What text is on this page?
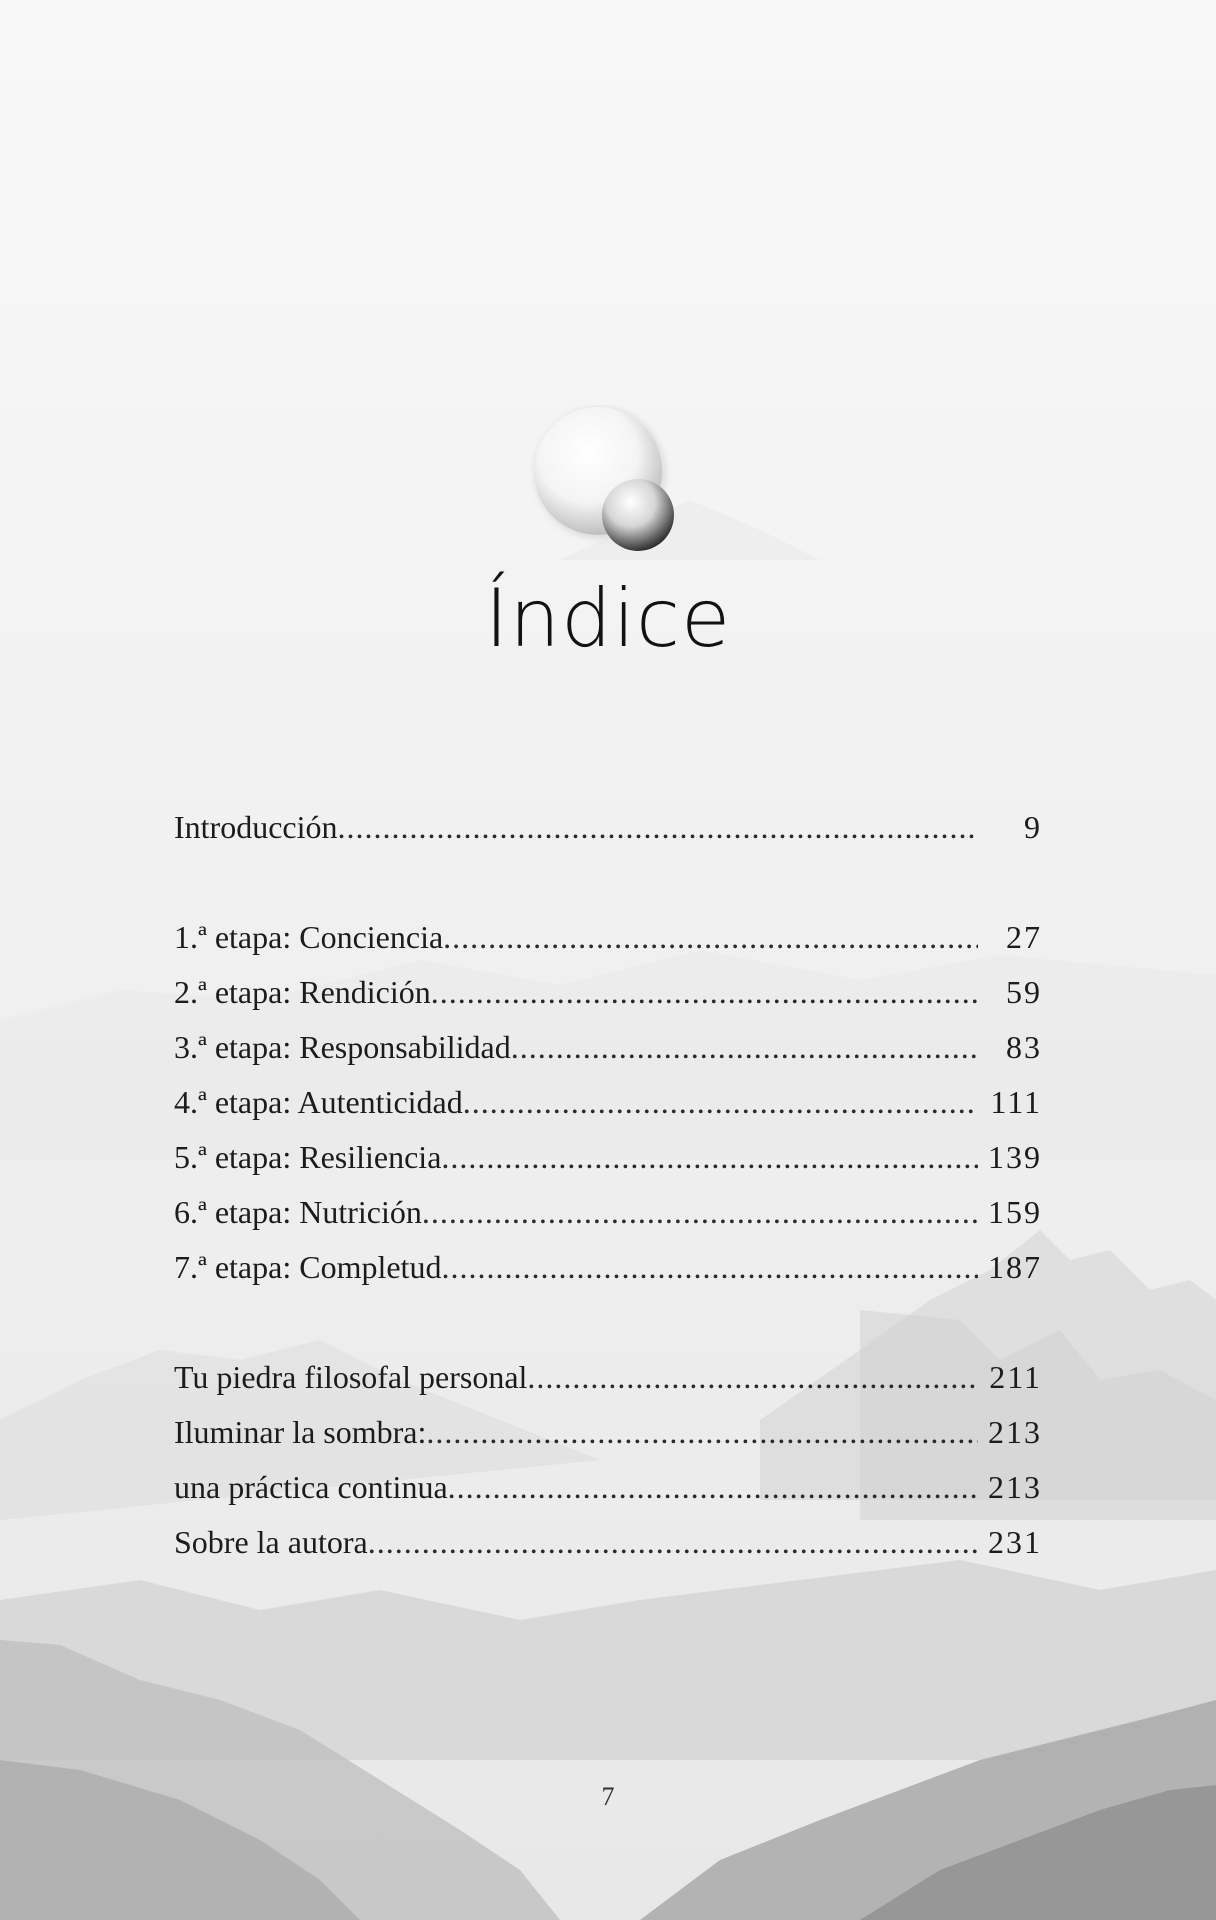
Índice
Introducción .....	9
1.ª etapa: Conciencia .....	27
2.ª etapa: Rendición .....	59
3.ª etapa: Responsabilidad .....	83
4.ª etapa: Autenticidad .....	111
5.ª etapa: Resiliencia .....	139
6.ª etapa: Nutrición .....	159
7.ª etapa: Completud .....	187
Tu piedra filosofal personal .....	211
Iluminar la sombra: .....	213
una práctica continua .....	213
Sobre la autora .....	231
7
